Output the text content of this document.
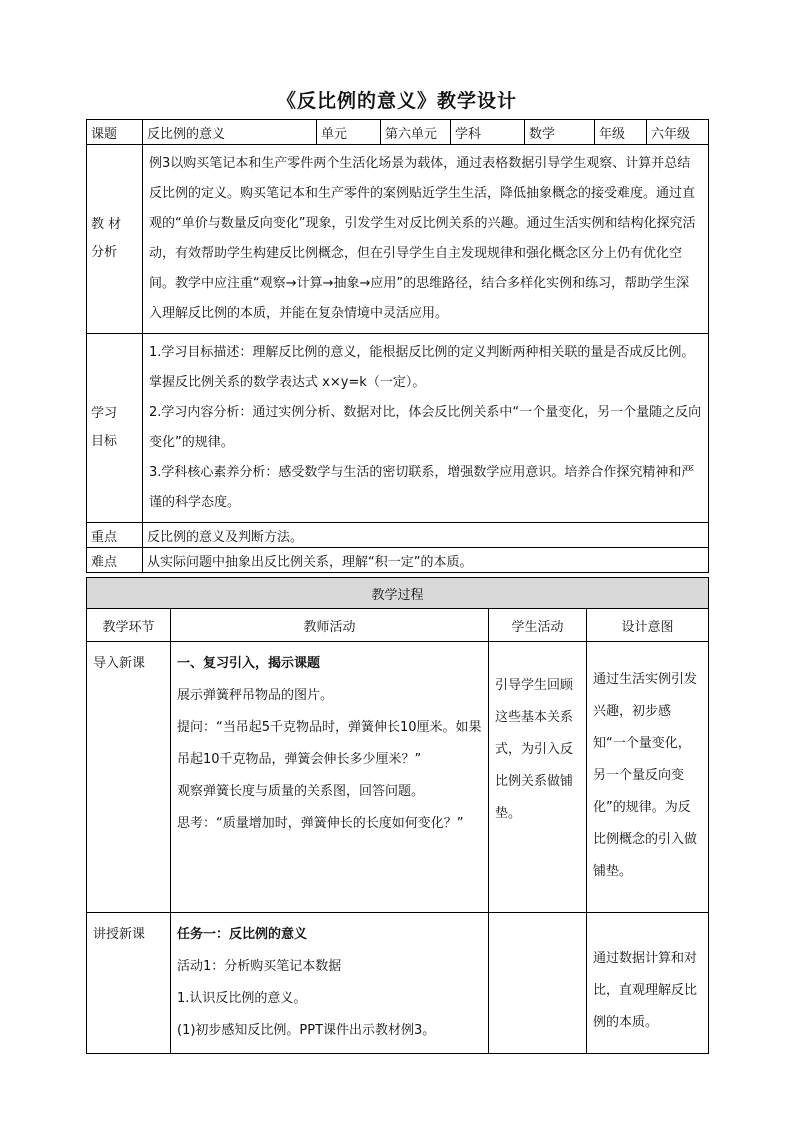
《反比例的意义》教学设计
课题	反比例的意义	单元	第六单元	学科	数学	年级	六年级
教 材
分析	例3以购买笔记本和生产零件两个生活化场景为载体，通过表格数据引导学生观察、计算并总结反比例的定义。购买笔记本和生产零件的案例贴近学生生活，降低抽象概念的接受难度。通过直观的“单价与数量反向变化”现象，引发学生对反比例关系的兴趣。通过生活实例和结构化探究活动，有效帮助学生构建反比例概念，但在引导学生自主发现规律和强化概念区分上仍有优化空间。教学中应注重“观察→计算→抽象→应用”的思维路径，结合多样化实例和练习，帮助学生深入理解反比例的本质，并能在复杂情境中灵活应用。						
学习
目标	1.学习目标描述：理解反比例的意义，能根据反比例的定义判断两种相关联的量是否成反比例。掌握反比例关系的数学表达式 x×y=k（一定）。
2.学习内容分析：通过实例分析、数据对比，体会反比例关系中“一个量变化，另一个量随之反向变化”的规律。
3.学科核心素养分析：感受数学与生活的密切联系，增强数学应用意识。培养合作探究精神和严谨的科学态度。						

重点	反比例的意义及判断方法。						
难点	从实际问题中抽象出反比例关系，理解“积一定”的本质。						
教学过程			
教学环节	教师活动	学生活动	设计意图
导入新课	一、复习引入，揭示课题
展示弹簧秤吊物品的图片。
提问：“当吊起5千克物品时，弹簧伸长10厘米。如果吊起10千克物品，弹簧会伸长多少厘米？”
观察弹簧长度与质量的关系图，回答问题。
思考：“质量增加时，弹簧伸长的长度如何变化？”	引导学生回顾这些基本关系式，为引入反比例关系做铺垫。	通过生活实例引发兴趣，初步感知“一个量变化，另一个量反向变化”的规律。为反比例概念的引入做铺垫。
讲授新课	任务一：反比例的意义
活动1：分析购买笔记本数据
1.认识反比例的意义。
(1)初步感知反比例。PPT课件出示教材例3。		通过数据计算和对比，直观理解反比例的本质。
